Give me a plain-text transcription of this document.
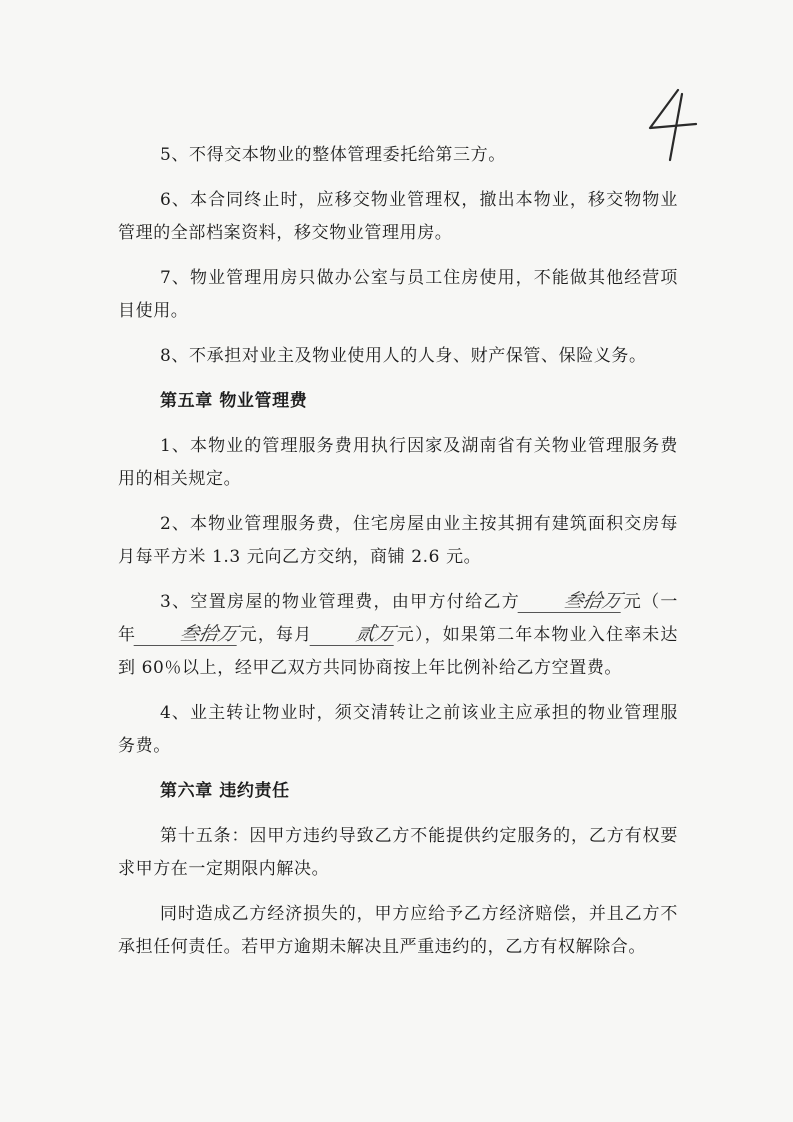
5、不得交本物业的整体管理委托给第三方。

6、本合同终止时，应移交物业管理权，撤出本物业，移交物物业管理的全部档案资料，移交物业管理用房。

7、物业管理用房只做办公室与员工住房使用，不能做其他经营项目使用。

8、不承担对业主及物业使用人的人身、财产保管、保险义务。

第五章 物业管理费

1、本物业的管理服务费用执行因家及湖南省有关物业管理服务费用的相关规定。

2、本物业管理服务费，住宅房屋由业主按其拥有建筑面积交房每月每平方米 1.3 元向乙方交纳，商铺 2.6 元。

3、空置房屋的物业管理费，由甲方付给乙方 叁拾万元（一年 叁拾万元，每月 贰万元），如果第二年本物业入住率未达到 60％以上，经甲乙双方共同协商按上年比例补给乙方空置费。

4、业主转让物业时，须交清转让之前该业主应承担的物业管理服务费。

第六章 违约责任

第十五条：因甲方违约导致乙方不能提供约定服务的，乙方有权要求甲方在一定期限内解决。

同时造成乙方经济损失的，甲方应给予乙方经济赔偿，并且乙方不承担任何责任。若甲方逾期未解决且严重违约的，乙方有权解除合。
